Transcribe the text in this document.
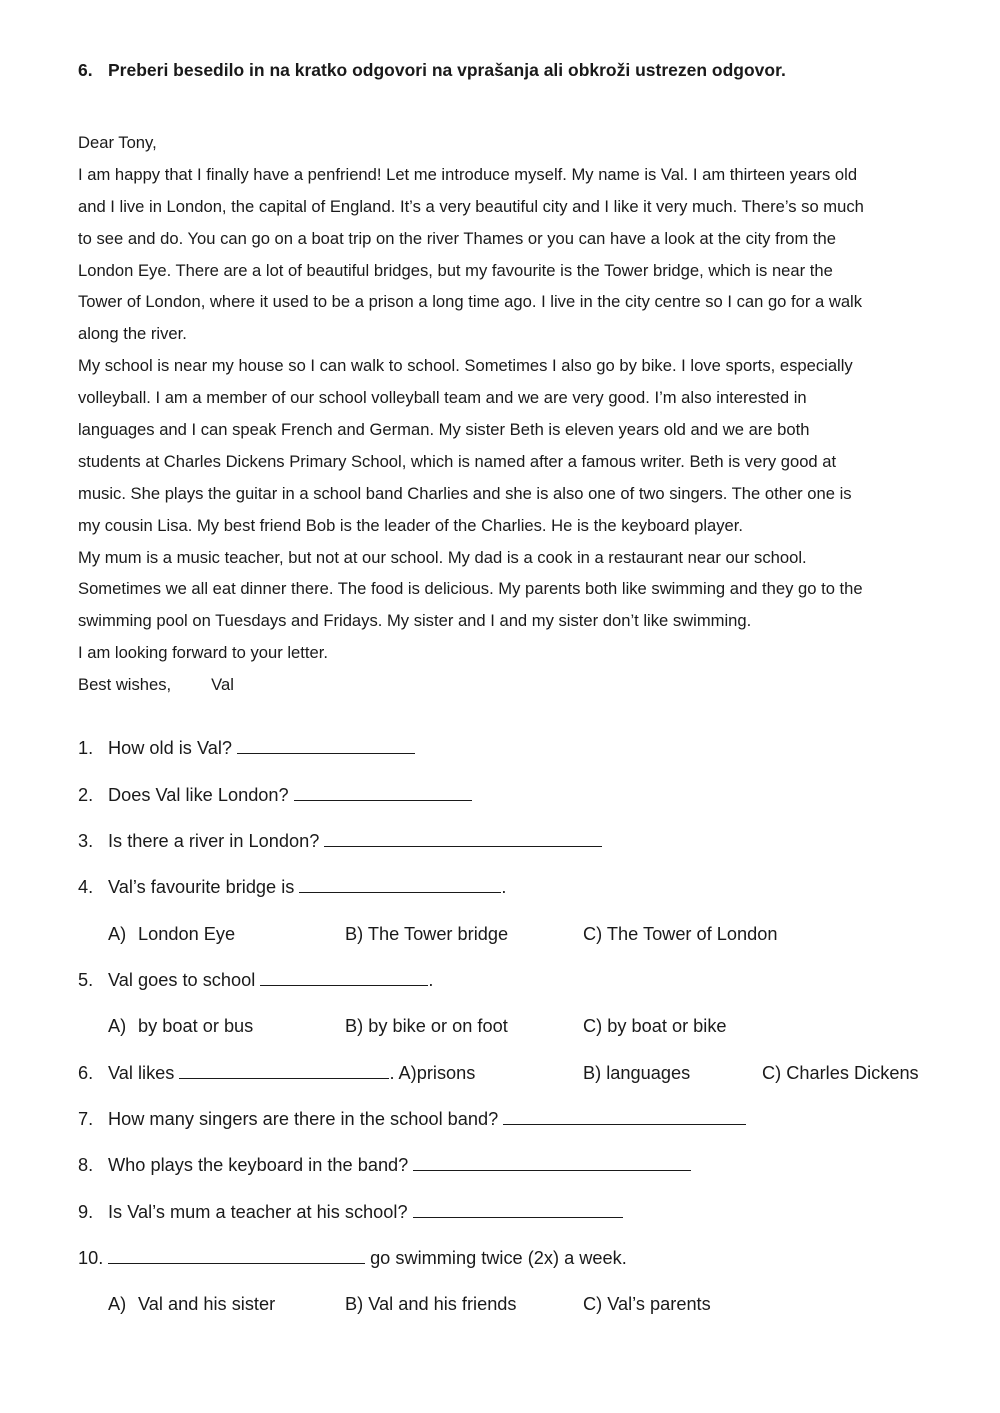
6. Preberi besedilo in na kratko odgovori na vprašanja ali obkroži ustrezen odgovor.
Dear Tony,
I am happy that I finally have a penfriend! Let me introduce myself. My name is Val. I am thirteen years old
and I live in London, the capital of England. It’s a very beautiful city and I like it very much. There’s so much
to see and do. You can go on a boat trip on the river Thames or you can have a look at the city from the
London Eye. There are a lot of beautiful bridges, but my favourite is the Tower bridge, which is near the
Tower of London, where it used to be a prison a long time ago. I live in the city centre so I can go for a walk
along the river.
My school is near my house so I can walk to school. Sometimes I also go by bike. I love sports, especially
volleyball. I am a member of our school volleyball team and we are very good. I’m also interested in
languages and I can speak French and German. My sister Beth is eleven years old and we are both
students at Charles Dickens Primary School, which is named after a famous writer. Beth is very good at
music. She plays the guitar in a school band Charlies and she is also one of two singers. The other one is
my cousin Lisa. My best friend Bob is the leader of the Charlies. He is the keyboard player.
My mum is a music teacher, but not at our school. My dad is a cook in a restaurant near our school.
Sometimes we all eat dinner there. The food is delicious. My parents both like swimming and they go to the
swimming pool on Tuesdays and Fridays. My sister and I and my sister don’t like swimming.
I am looking forward to your letter.
Best wishes, Val
1. How old is Val?
2. Does Val like London?
3. Is there a river in London?
4. Val’s favourite bridge is	.
A) London Eye	B) The Tower bridge	C) The Tower of London
5. Val goes to school	.
A) by boat or bus	B) by bike or on foot	C) by boat or bike
6. Val likes	. A)prisons	B) languages	C) Charles Dickens
7. How many singers are there in the school band?
8. Who plays the keyboard in the band?
9. Is Val’s mum a teacher at his school?
10.	go swimming twice (2x) a week.
A) Val and his sister	B) Val and his friends	C) Val’s parents
